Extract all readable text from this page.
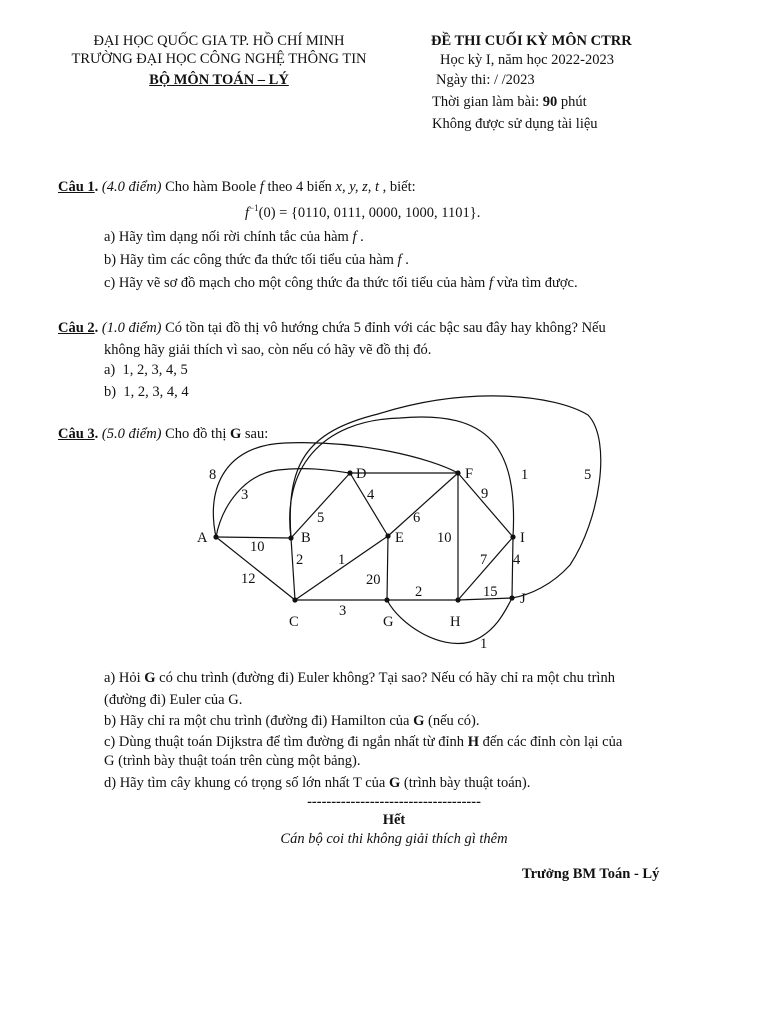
ĐẠI HỌC QUỐC GIA TP. HỒ CHÍ MINH
TRƯỜNG ĐẠI HỌC CÔNG NGHỆ THÔNG TIN
BỘ MÔN TOÁN – LÝ
ĐỀ THI CUỐI KỲ MÔN CTRR
Học kỳ I, năm học 2022-2023
Ngày thi: / /2023
Thời gian làm bài: 90 phút
Không được sử dụng tài liệu
Câu 1. (4.0 điểm) Cho hàm Boole f theo 4 biến x, y, z, t , biết:
$f^{-1}(0) = \{0110$, 0111, 0000, 1000, 1101}.
a) Hãy tìm dạng nối rời chính tắc của hàm f .
b) Hãy tìm các công thức đa thức tối tiểu của hàm f .
c) Hãy vẽ sơ đồ mạch cho một công thức đa thức tối tiểu của hàm f vừa tìm được.
Câu 2. (1.0 điểm) Có tồn tại đồ thị vô hướng chứa 5 đỉnh với các bậc sau đây hay không? Nếu
không hãy giải thích vì sao, còn nếu có hãy vẽ đồ thị đó.
a) 1, 2, 3, 4, 5
b) 1, 2, 3, 4, 4
Câu 3. (5.0 điểm) Cho đồ thị G sau:
A	B
C
D
E
F
G	H
I
J
10
12
3
8
2
5
1
1
3
4
6
20
10
9
2
7
15
4
1
5
a) Hỏi G có chu trình (đường đi) Euler không? Tại sao? Nếu có hãy chỉ ra một chu trình
(đường đi) Euler của G.
b) Hãy chỉ ra một chu trình (đường đi) Hamilton của G (nếu có).
c) Dùng thuật toán Dijkstra để tìm đường đi ngắn nhất từ đỉnh H đến các đỉnh còn lại của
G (trình bày thuật toán trên cùng một bảng).
d) Hãy tìm cây khung có trọng số lớn nhất T của G (trình bày thuật toán).
------------------------------------
Hết
Cán bộ coi thi không giải thích gì thêm
Trưởng BM Toán - Lý
